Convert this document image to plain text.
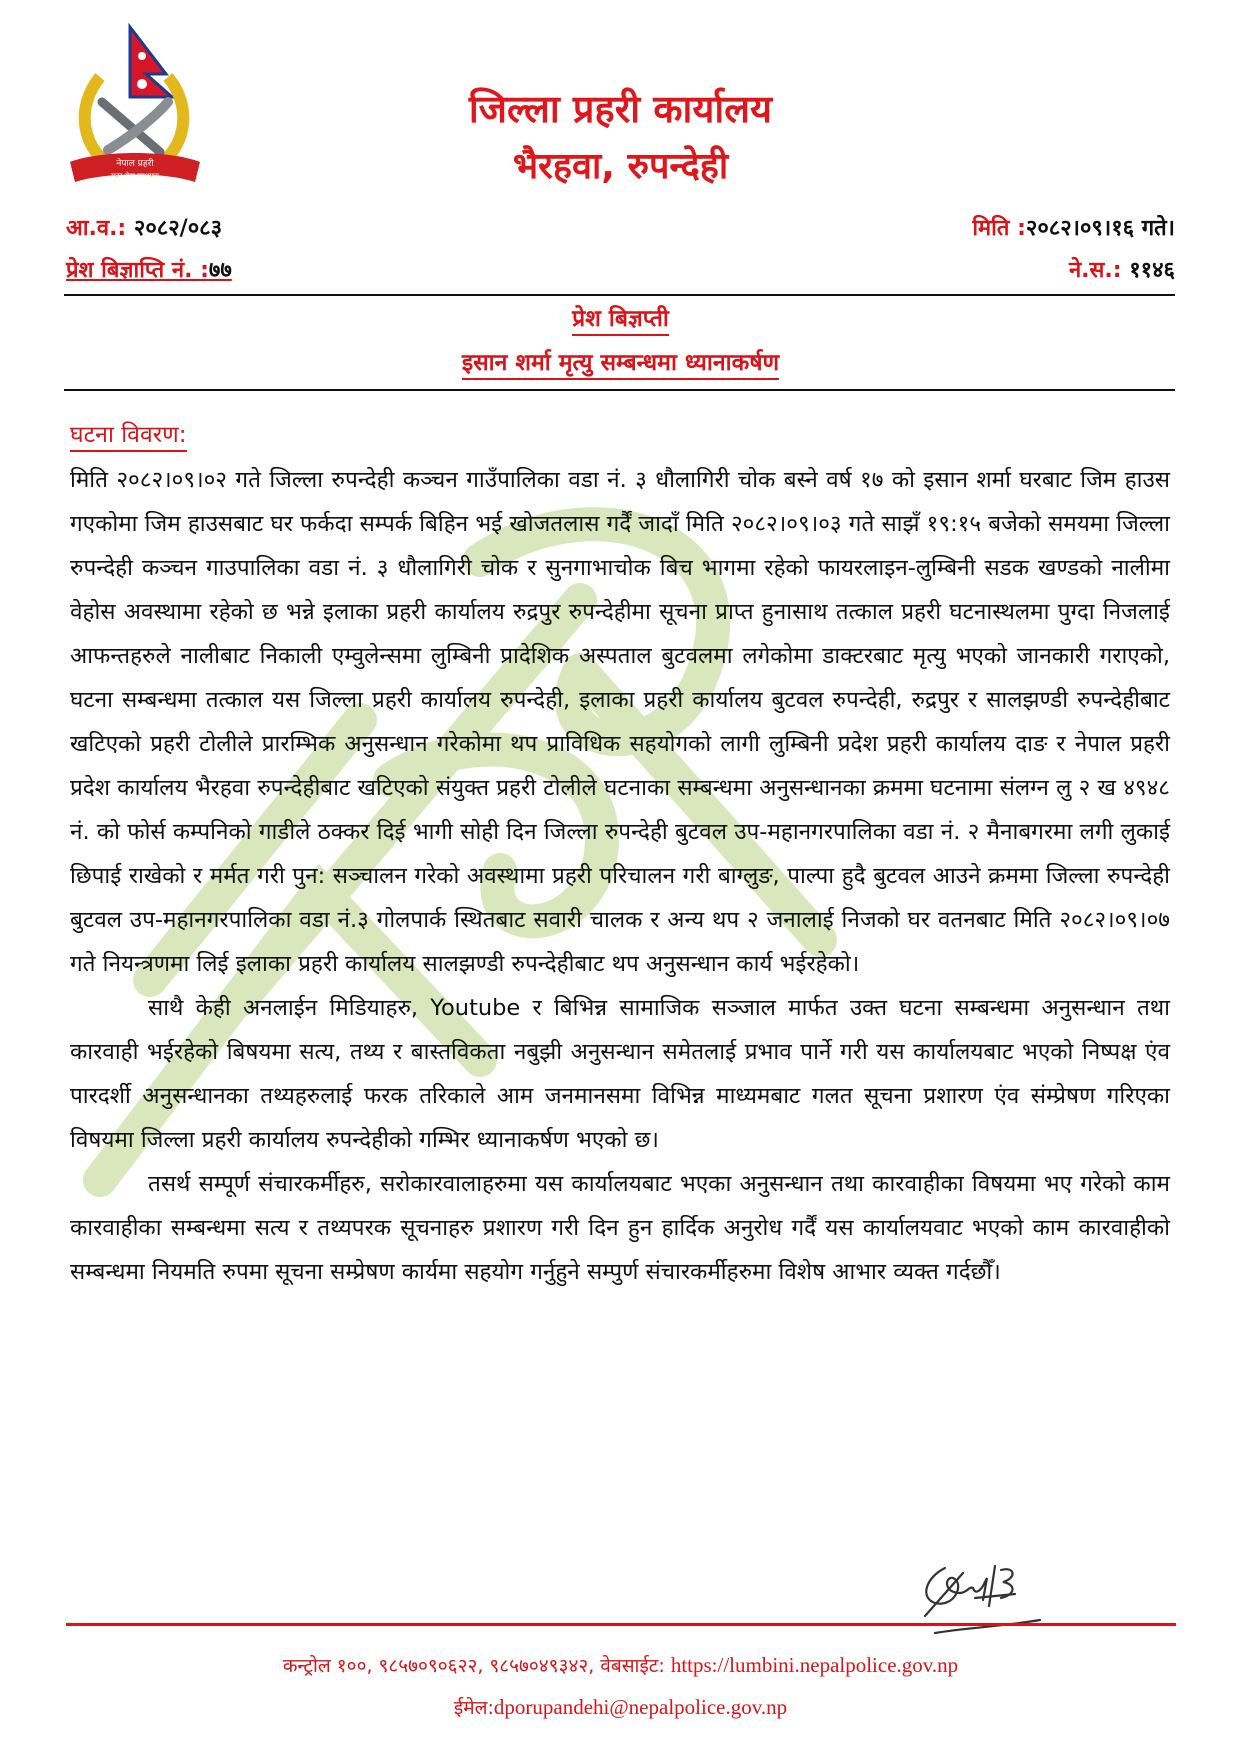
नेपाल प्रहरी
सदर सेवा सुरक्षणम्
जिल्ला प्रहरी कार्यालय
भैरहवा, रुपन्देही
आ.व.: २०८२/०८३
प्रेश बिज्ञाप्ति नं. :७७
मिति :२०८२।०९।१६ गते।
ने.स.: ११४६
प्रेश बिज्ञप्ती
इसान शर्मा मृत्यु सम्बन्धमा ध्यानाकर्षण
घटना विवरण:

मिति २०८२।०९।०२ गते जिल्ला रुपन्देही कञ्चन गाउँपालिका वडा नं. ३ धौलागिरी चोक बस्ने वर्ष १७ को इसान शर्मा घरबाट जिम हाउस गएकोमा जिम हाउसबाट घर फर्कदा सम्पर्क बिहिन भई खोजतलास गर्दैं जादाँ मिति २०८२।०९।०३ गते साझँ १९:१५ बजेको समयमा जिल्ला रुपन्देही कञ्चन गाउपालिका वडा नं. ३ धौलागिरी चोक र सुनगाभाचोक बिच भागमा रहेको फायरलाइन-लुम्बिनी सडक खण्डको नालीमा वेहोस अवस्थामा रहेको छ भन्ने इलाका प्रहरी कार्यालय रुद्रपुर रुपन्देहीमा सूचना प्राप्त हुनासाथ तत्काल प्रहरी घटनास्थलमा पुग्दा निजलाई आफन्तहरुले नालीबाट निकाली एम्वुलेन्समा लुम्बिनी प्रादेशिक अस्पताल बुटवलमा लगेकोमा डाक्टरबाट मृत्यु भएको जानकारी गराएको, घटना सम्बन्धमा तत्काल यस जिल्ला प्रहरी कार्यालय रुपन्देही, इलाका प्रहरी कार्यालय बुटवल रुपन्देही, रुद्रपुर र सालझण्डी रुपन्देहीबाट खटिएको प्रहरी टोलीले प्रारम्भिक अनुसन्धान गरेकोमा थप प्राविधिक सहयोगको लागी लुम्बिनी प्रदेश प्रहरी कार्यालय दाङ र नेपाल प्रहरी प्रदेश कार्यालय भैरहवा रुपन्देहीबाट खटिएको संयुक्त प्रहरी टोलीले घटनाका सम्बन्धमा अनुसन्धानका क्रममा घटनामा संलग्न लु २ ख ४९४८ नं. को फोर्स कम्पनिको गाडीले ठक्कर दिई भागी सोही दिन जिल्ला रुपन्देही बुटवल उप-महानगरपालिका वडा नं. २ मैनाबगरमा लगी लुकाई छिपाई राखेको र मर्मत गरी पुन: सञ्चालन गरेको अवस्थामा प्रहरी परिचालन गरी बाग्लुङ, पाल्पा हुदै बुटवल आउने क्रममा जिल्ला रुपन्देही बुटवल उप-महानगरपालिका वडा नं.३ गोलपार्क स्थितबाट सवारी चालक र अन्य थप २ जनालाई निजको घर वतनबाट मिति २०८२।०९।०७ गते नियन्त्रणमा लिई इलाका प्रहरी कार्यालय सालझण्डी रुपन्देहीबाट थप अनुसन्धान कार्य भईरहेको।

साथै केही अनलाईन मिडियाहरु, Youtube र बिभिन्न सामाजिक सञ्जाल मार्फत उक्त घटना सम्बन्धमा अनुसन्धान तथा कारवाही भईरहेको बिषयमा सत्य, तथ्य र बास्तविकता नबुझी अनुसन्धान समेतलाई प्रभाव पार्ने गरी यस कार्यालयबाट भएको निष्पक्ष एंव पारदर्शी अनुसन्धानका तथ्यहरुलाई फरक तरिकाले आम जनमानसमा विभिन्न माध्यमबाट गलत सूचना प्रशारण एंव संम्प्रेषण गरिएका विषयमा जिल्ला प्रहरी कार्यालय रुपन्देहीको गम्भिर ध्यानाकर्षण भएको छ।

तसर्थ सम्पूर्ण संचारकर्मीहरु, सरोकारवालाहरुमा यस कार्यालयबाट भएका अनुसन्धान तथा कारवाहीका विषयमा भए गरेको काम कारवाहीका सम्बन्धमा सत्य र तथ्यपरक सूचनाहरु प्रशारण गरी दिन हुन हार्दिक अनुरोध गर्दैं यस कार्यालयवाट भएको काम कारवाहीको सम्बन्धमा नियमति रुपमा सूचना सम्प्रेषण कार्यमा सहयोग गर्नुहुने सम्पुर्ण संचारकर्मीहरुमा विशेष आभार व्यक्त गर्दछौँ।

कन्ट्रोल १००, ९८५७०९०६२२, ९८५७०४९३४२, वेबसाईट: https://lumbini.nepalpolice.gov.np
ईमेल:dporupandehi@nepalpolice.gov.np
